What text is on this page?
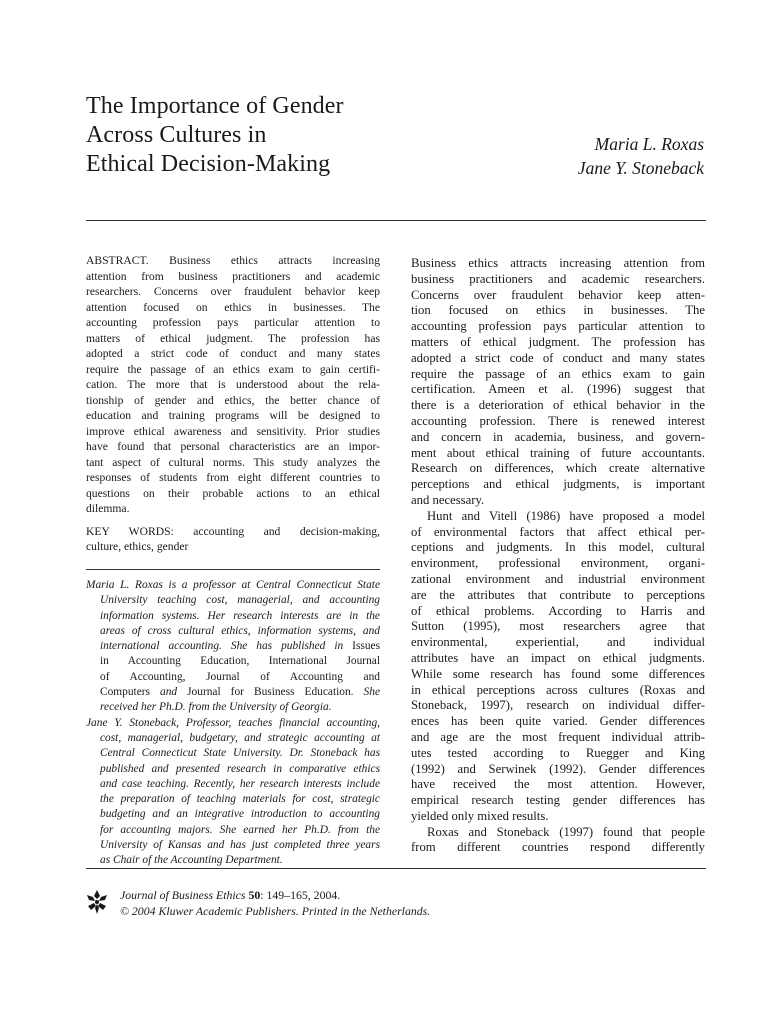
The Importance of Gender
Across Cultures in
Ethical Decision-Making
Maria L. Roxas
Jane Y. Stoneback
ABSTRACT. Business ethics attracts increasing
attention from business practitioners and academic
researchers. Concerns over fraudulent behavior keep
attention focused on ethics in businesses. The
accounting profession pays particular attention to
matters of ethical judgment. The profession has
adopted a strict code of conduct and many states
require the passage of an ethics exam to gain certifi-
cation. The more that is understood about the rela-
tionship of gender and ethics, the better chance of
education and training programs will be designed to
improve ethical awareness and sensitivity. Prior studies
have found that personal characteristics are an impor-
tant aspect of cultural norms. This study analyzes the
responses of students from eight different countries to
questions on their probable actions to an ethical
dilemma.
KEY WORDS: accounting and decision-making,
culture, ethics, gender
Maria L. Roxas is a professor at Central Connecticut State
University teaching cost, managerial, and accounting
information systems. Her research interests are in the
areas of cross cultural ethics, information systems, and
international accounting. She has published in Issues
in Accounting Education, International Journal
of Accounting, Journal of Accounting and
Computers and Journal for Business Education. She
received her Ph.D. from the University of Georgia.
Jane Y. Stoneback, Professor, teaches financial accounting,
cost, managerial, budgetary, and strategic accounting at
Central Connecticut State University. Dr. Stoneback has
published and presented research in comparative ethics
and case teaching. Recently, her research interests include
the preparation of teaching materials for cost, strategic
budgeting and an integrative introduction to accounting
for accounting majors. She earned her Ph.D. from the
University of Kansas and has just completed three years
as Chair of the Accounting Department.
Business ethics attracts increasing attention from
business practitioners and academic researchers.
Concerns over fraudulent behavior keep atten-
tion focused on ethics in businesses. The
accounting profession pays particular attention to
matters of ethical judgment. The profession has
adopted a strict code of conduct and many states
require the passage of an ethics exam to gain
certification. Ameen et al. (1996) suggest that
there is a deterioration of ethical behavior in the
accounting profession. There is renewed interest
and concern in academia, business, and govern-
ment about ethical training of future accountants.
Research on differences, which create alternative
perceptions and ethical judgments, is important
and necessary.
Hunt and Vitell (1986) have proposed a model
of environmental factors that affect ethical per-
ceptions and judgments. In this model, cultural
environment, professional environment, organi-
zational environment and industrial environment
are the attributes that contribute to perceptions
of ethical problems. According to Harris and
Sutton (1995), most researchers agree that
environmental, experiential, and individual
attributes have an impact on ethical judgments.
While some research has found some differences
in ethical perceptions across cultures (Roxas and
Stoneback, 1997), research on individual differ-
ences has been quite varied. Gender differences
and age are the most frequent individual attrib-
utes tested according to Ruegger and King
(1992) and Serwinek (1992). Gender differences
have received the most attention. However,
empirical research testing gender differences has
yielded only mixed results.
Roxas and Stoneback (1997) found that people
from different countries respond differently
Journal of Business Ethics 50: 149–165, 2004.
© 2004 Kluwer Academic Publishers. Printed in the Netherlands.
